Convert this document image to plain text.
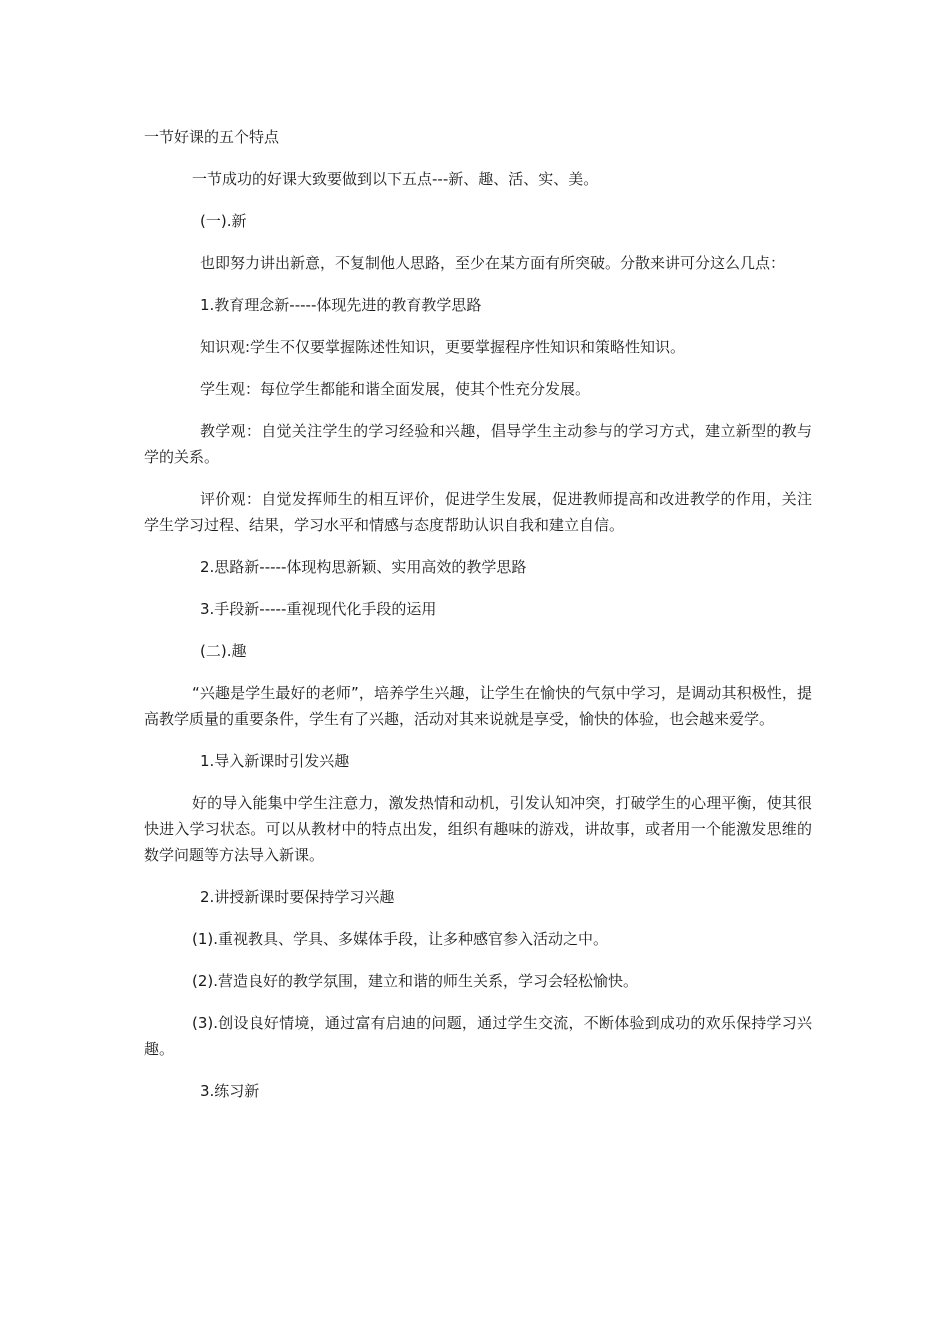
一节好课的五个特点

一节成功的好课大致要做到以下五点---新、趣、活、实、美。

(一).新

也即努力讲出新意，不复制他人思路，至少在某方面有所突破。分散来讲可分这么几点：

1.教育理念新-----体现先进的教育教学思路

知识观:学生不仅要掌握陈述性知识，更要掌握程序性知识和策略性知识。

学生观：每位学生都能和谐全面发展，使其个性充分发展。

教学观：自觉关注学生的学习经验和兴趣，倡导学生主动参与的学习方式，建立新型的教与学的关系。

评价观：自觉发挥师生的相互评价，促进学生发展，促进教师提高和改进教学的作用，关注学生学习过程、结果，学习水平和情感与态度帮助认识自我和建立自信。

2.思路新-----体现构思新颖、实用高效的教学思路

3.手段新-----重视现代化手段的运用

(二).趣

“兴趣是学生最好的老师”，培养学生兴趣，让学生在愉快的气氛中学习，是调动其积极性，提高教学质量的重要条件，学生有了兴趣，活动对其来说就是享受，愉快的体验，也会越来爱学。

1.导入新课时引发兴趣

好的导入能集中学生注意力，激发热情和动机，引发认知冲突，打破学生的心理平衡，使其很快进入学习状态。可以从教材中的特点出发，组织有趣味的游戏，讲故事，或者用一个能激发思维的数学问题等方法导入新课。

2.讲授新课时要保持学习兴趣

(1).重视教具、学具、多媒体手段，让多种感官参入活动之中。

(2).营造良好的教学氛围，建立和谐的师生关系，学习会轻松愉快。

(3).创设良好情境，通过富有启迪的问题，通过学生交流，不断体验到成功的欢乐保持学习兴趣。

3.练习新
